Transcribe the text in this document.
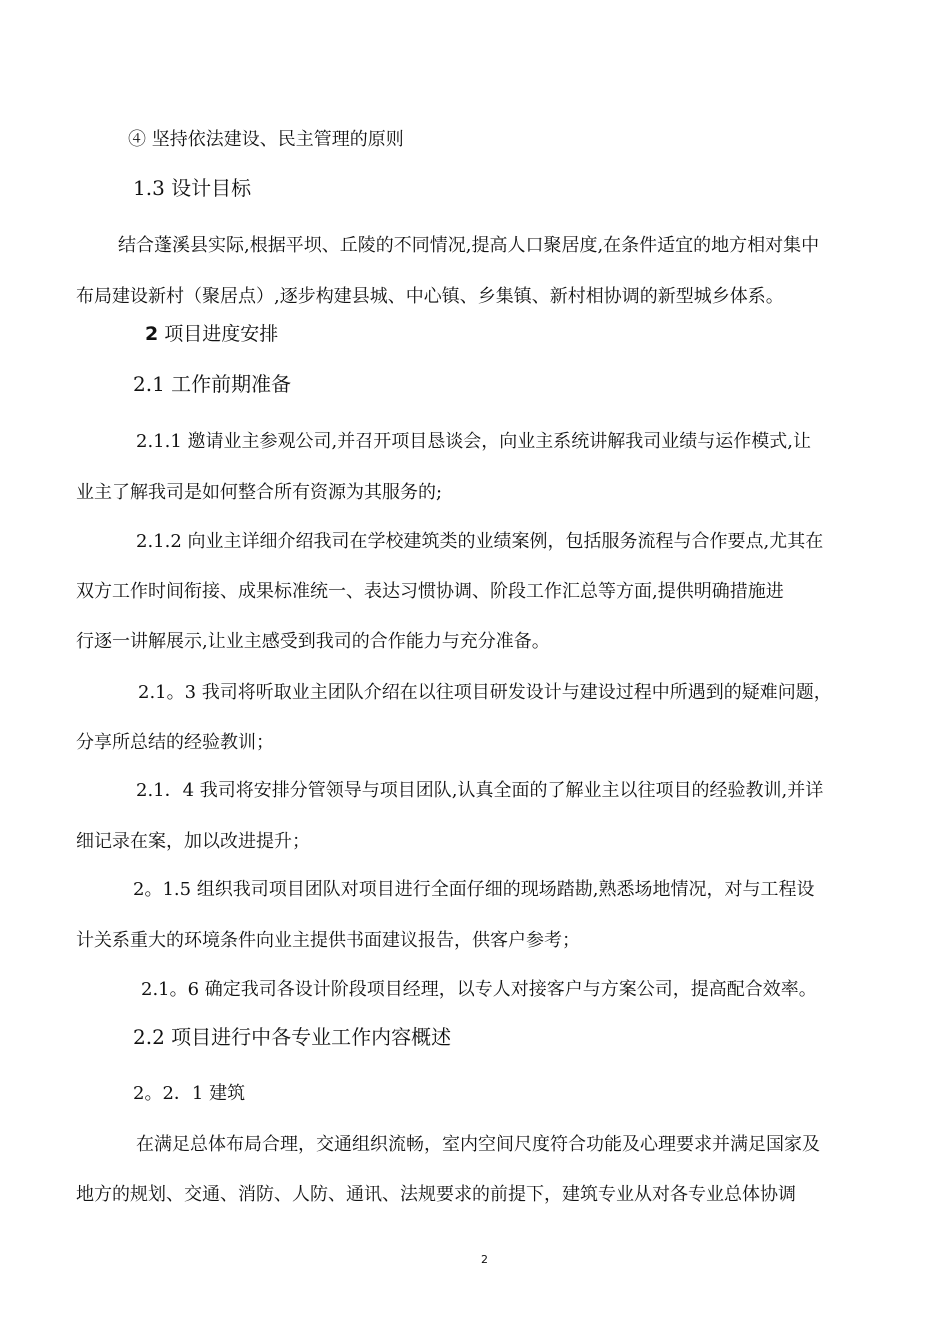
④ 坚持依法建设、民主管理的原则
1.3 设计目标
结合蓬溪县实际,根据平坝、丘陵的不同情况,提高人口聚居度,在条件适宜的地方相对集中
布局建设新村（聚居点）,逐步构建县城、中心镇、乡集镇、新村相协调的新型城乡体系。
2 项目进度安排
2.1 工作前期准备
2.1.1 邀请业主参观公司,并召开项目恳谈会，向业主系统讲解我司业绩与运作模式,让
业主了解我司是如何整合所有资源为其服务的;
2.1.2 向业主详细介绍我司在学校建筑类的业绩案例，包括服务流程与合作要点,尤其在
双方工作时间衔接、成果标准统一、表达习惯协调、阶段工作汇总等方面,提供明确措施进
行逐一讲解展示,让业主感受到我司的合作能力与充分准备。
2.1。3 我司将听取业主团队介绍在以往项目研发设计与建设过程中所遇到的疑难问题，
分享所总结的经验教训；
2.1．4 我司将安排分管领导与项目团队,认真全面的了解业主以往项目的经验教训,并详
细记录在案，加以改进提升；
2。1.5 组织我司项目团队对项目进行全面仔细的现场踏勘,熟悉场地情况，对与工程设
计关系重大的环境条件向业主提供书面建议报告，供客户参考；
2.1。6 确定我司各设计阶段项目经理，以专人对接客户与方案公司，提高配合效率。
2.2 项目进行中各专业工作内容概述
2。2．1 建筑
在满足总体布局合理，交通组织流畅，室内空间尺度符合功能及心理要求并满足国家及
地方的规划、交通、消防、人防、通讯、法规要求的前提下，建筑专业从对各专业总体协调
2
